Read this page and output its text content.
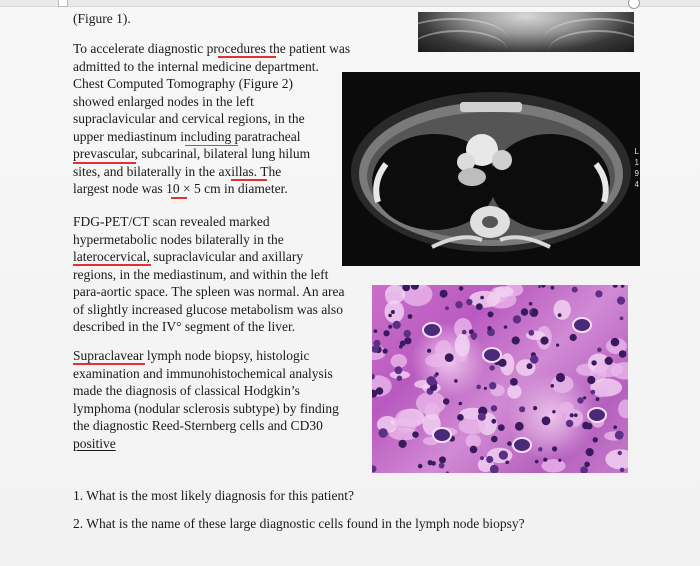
(Figure 1).
To accelerate diagnostic procedures the patient was
admitted to the internal medicine department.
Chest Computed Tomography (Figure 2)
showed enlarged nodes in the left
supraclavicular and cervical regions, in the
upper mediastinum including paratracheal
prevascular, subcarinal, bilateral lung hilum
sites, and bilaterally in the axillas. The
largest node was 10 × 5 cm in diameter.
L
1
9
4
FDG-PET/CT scan revealed marked
hypermetabolic nodes bilaterally in the
laterocervical, supraclavicular and axillary
regions, in the mediastinum, and within the left
para-aortic space. The spleen was normal. An area
of slightly increased glucose metabolism was also
described in the IV° segment of the liver.
Supraclavear lymph node biopsy, histologic
examination and immunohistochemical analysis
made the diagnosis of classical Hodgkin’s
lymphoma (nodular sclerosis subtype) by finding
the diagnostic Reed-Sternberg cells and CD30
positive
1. What is the most likely diagnosis for this patient?
2. What is the name of these large diagnostic cells found in the lymph node biopsy?
